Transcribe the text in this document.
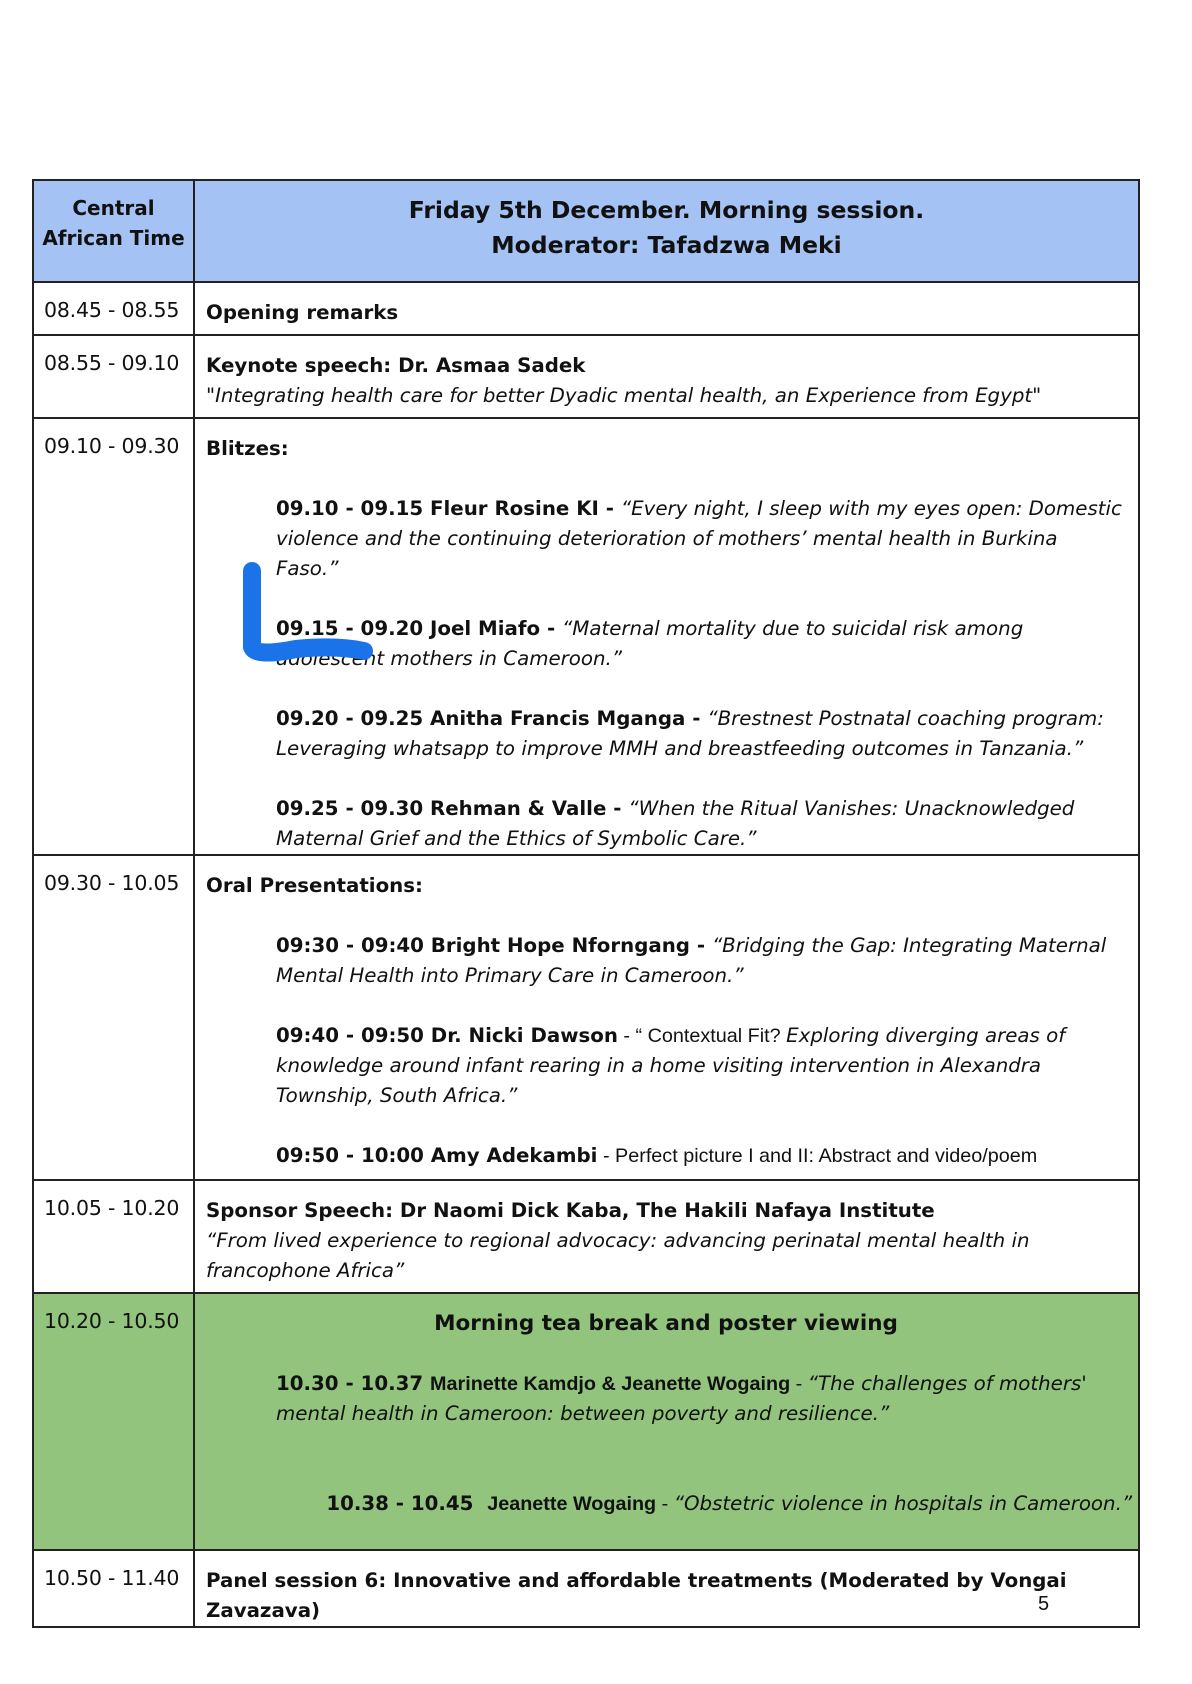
Central African Time	Friday 5th December. Morning session.
Moderator: Tafadzwa Meki

08.45 - 08.55	Opening remarks

08.55 - 09.10	Keynote speech: Dr. Asmaa Sadek
"Integrating health care for better Dyadic mental health, an Experience from Egypt"

09.10 - 09.30	Blitzes:
09.10 - 09.15 Fleur Rosine KI - “Every night, I sleep with my eyes open: Domestic violence and the continuing deterioration of mothers’ mental health in Burkina Faso.”
09.15 - 09.20 Joel Miafo - “Maternal mortality due to suicidal risk among adolescent mothers in Cameroon.”
09.20 - 09.25 Anitha Francis Mganga - “Brestnest Postnatal coaching program: Leveraging whatsapp to improve MMH and breastfeeding outcomes in Tanzania.”
09.25 - 09.30 Rehman & Valle - “When the Ritual Vanishes: Unacknowledged Maternal Grief and the Ethics of Symbolic Care.”

09.30 - 10.05	Oral Presentations:
09:30 - 09:40 Bright Hope Nforngang - “Bridging the Gap: Integrating Maternal Mental Health into Primary Care in Cameroon.”
09:40 - 09:50 Dr. Nicki Dawson - “ Contextual Fit? Exploring diverging areas of knowledge around infant rearing in a home visiting intervention in Alexandra Township, South Africa.”
09:50 - 10:00 Amy Adekambi - Perfect picture I and II: Abstract and video/poem

10.05 - 10.20	Sponsor Speech: Dr Naomi Dick Kaba, The Hakili Nafaya Institute
“From lived experience to regional advocacy: advancing perinatal mental health in francophone Africa”

10.20 - 10.50	Morning tea break and poster viewing
10.30 - 10.37 Marinette Kamdjo & Jeanette Wogaing - “The challenges of mothers' mental health in Cameroon: between poverty and resilience.”

10.38 - 10.45  Jeanette Wogaing - “Obstetric violence in hospitals in Cameroon.”

10.50 - 11.40	Panel session 6: Innovative and affordable treatments (Moderated by Vongai Zavazava)	5
